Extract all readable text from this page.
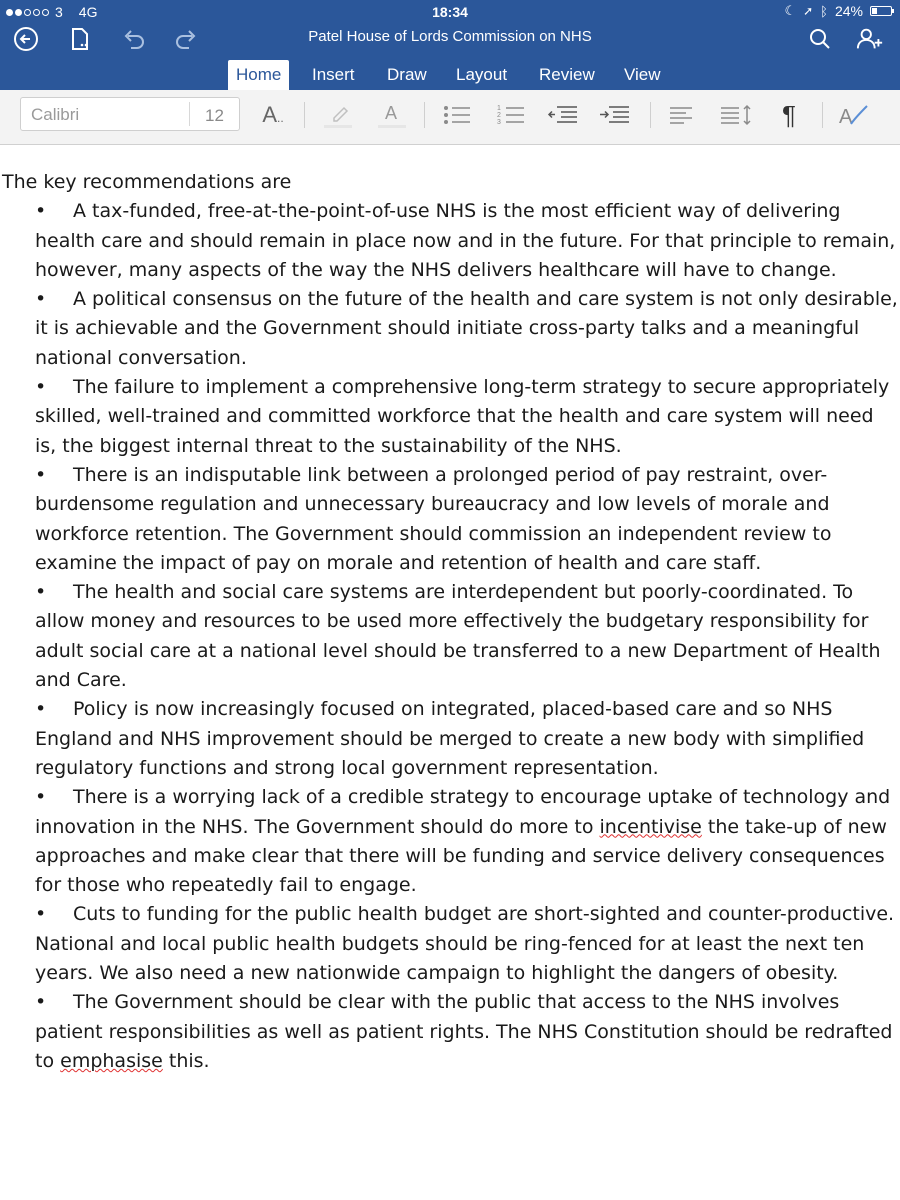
3 4G	18:34	☾ ➚ ᛒ 24%
Patel House of Lords Commission on NHS
Home	Insert	Draw	Layout	Review	View
Calibri	12 A..	A	1
2
3	¶ A
The key recommendations are
•	A tax-funded, free-at-the-point-of-use NHS is the most efficient way of delivering health care and should remain in place now and in the future. For that principle to remain, however, many aspects of the way the NHS delivers healthcare will have to change.
•	A political consensus on the future of the health and care system is not only desirable, it is achievable and the Government should initiate cross-party talks and a meaningful national conversation.
•	The failure to implement a comprehensive long-term strategy to secure appropriately skilled, well-trained and committed workforce that the health and care system will need is, the biggest internal threat to the sustainability of the NHS.
•	There is an indisputable link between a prolonged period of pay restraint, over-burdensome regulation and unnecessary bureaucracy and low levels of morale and workforce retention. The Government should commission an independent review to examine the impact of pay on morale and retention of health and care staff.
•	The health and social care systems are interdependent but poorly-coordinated. To allow money and resources to be used more effectively the budgetary responsibility for adult social care at a national level should be transferred to a new Department of Health and Care.
•	Policy is now increasingly focused on integrated, placed-based care and so NHS England and NHS improvement should be merged to create a new body with simplified regulatory functions and strong local government representation.
•	There is a worrying lack of a credible strategy to encourage uptake of technology and innovation in the NHS. The Government should do more to incentivise the take-up of new approaches and make clear that there will be funding and service delivery consequences for those who repeatedly fail to engage.
•	Cuts to funding for the public health budget are short-sighted and counter-productive. National and local public health budgets should be ring-fenced for at least the next ten years. We also need a new nationwide campaign to highlight the dangers of obesity.
•	The Government should be clear with the public that access to the NHS involves patient responsibilities as well as patient rights. The NHS Constitution should be redrafted to emphasise this.
